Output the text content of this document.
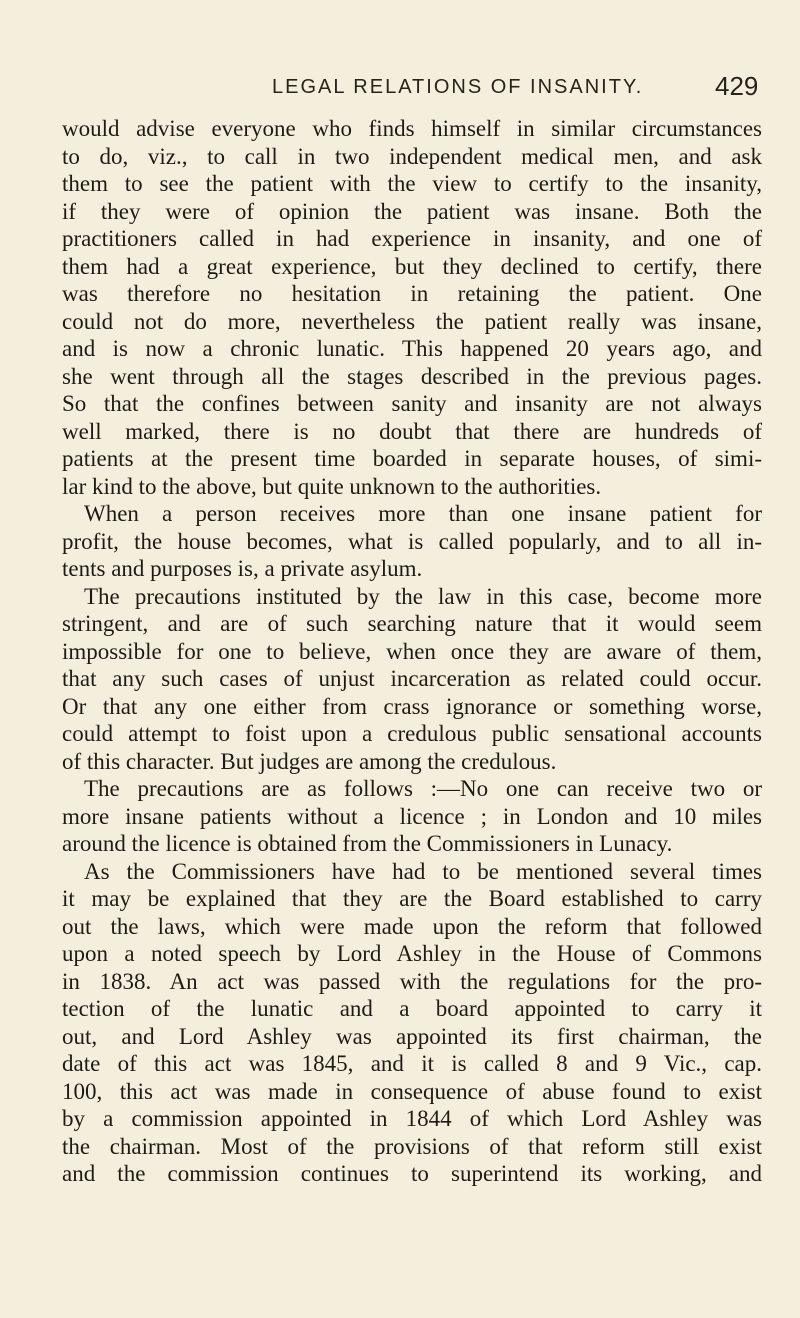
LEGAL RELATIONS OF INSANITY.	429
would advise everyone who finds himself in similar circumstances
to do, viz., to call in two independent medical men, and ask
them to see the patient with the view to certify to the insanity,
if they were of opinion the patient was insane. Both the
practitioners called in had experience in insanity, and one of
them had a great experience, but they declined to certify, there
was therefore no hesitation in retaining the patient. One
could not do more, nevertheless the patient really was insane,
and is now a chronic lunatic. This happened 20 years ago, and
she went through all the stages described in the previous pages.
So that the confines between sanity and insanity are not always
well marked, there is no doubt that there are hundreds of
patients at the present time boarded in separate houses, of simi-
lar kind to the above, but quite unknown to the authorities.
When a person receives more than one insane patient for
profit, the house becomes, what is called popularly, and to all in-
tents and purposes is, a private asylum.
The precautions instituted by the law in this case, become more
stringent, and are of such searching nature that it would seem
impossible for one to believe, when once they are aware of them,
that any such cases of unjust incarceration as related could occur.
Or that any one either from crass ignorance or something worse,
could attempt to foist upon a credulous public sensational accounts
of this character. But judges are among the credulous.
The precautions are as follows :—No one can receive two or
more insane patients without a licence ; in London and 10 miles
around the licence is obtained from the Commissioners in Lunacy.
As the Commissioners have had to be mentioned several times
it may be explained that they are the Board established to carry
out the laws, which were made upon the reform that followed
upon a noted speech by Lord Ashley in the House of Commons
in 1838. An act was passed with the regulations for the pro-
tection of the lunatic and a board appointed to carry it
out, and Lord Ashley was appointed its first chairman, the
date of this act was 1845, and it is called 8 and 9 Vic., cap.
100, this act was made in consequence of abuse found to exist
by a commission appointed in 1844 of which Lord Ashley was
the chairman. Most of the provisions of that reform still exist
and the commission continues to superintend its working, and
